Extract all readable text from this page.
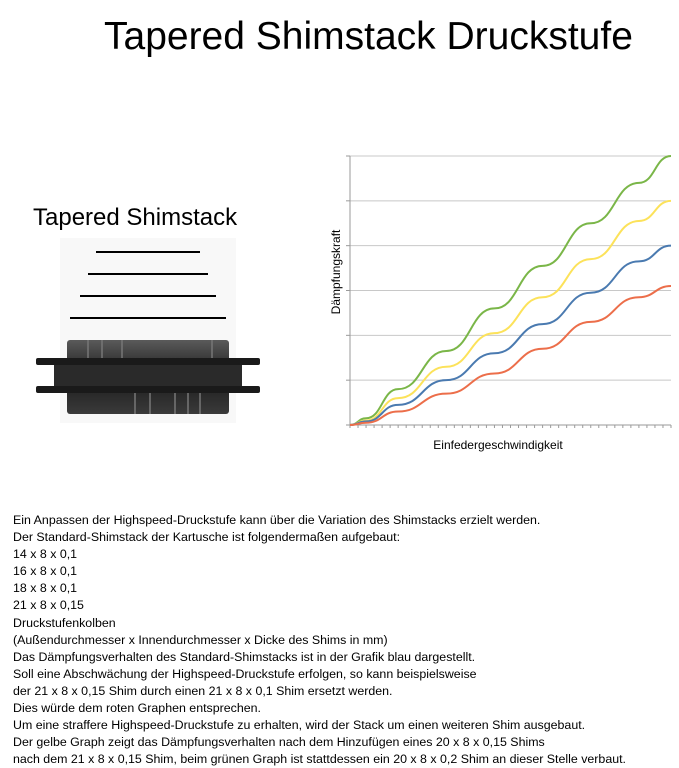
Tapered Shimstack Druckstufe
Tapered Shimstack
Dämpfungskraft
Einfedergeschwindigkeit
Ein Anpassen der Highspeed-Druckstufe kann über die Variation des Shimstacks erzielt werden.
Der Standard-Shimstack der Kartusche ist folgendermaßen aufgebaut:
14 x 8 x 0,1
16 x 8 x 0,1
18 x 8 x 0,1
21 x 8 x 0,15
Druckstufenkolben
(Außendurchmesser x Innendurchmesser x Dicke des Shims in mm)
Das Dämpfungsverhalten des Standard-Shimstacks ist in der Grafik blau dargestellt.
Soll eine Abschwächung der Highspeed-Druckstufe erfolgen, so kann beispielsweise
der 21 x 8 x 0,15 Shim durch einen 21 x 8 x 0,1 Shim ersetzt werden.
Dies würde dem roten Graphen entsprechen.
Um eine straffere Highspeed-Druckstufe zu erhalten, wird der Stack um einen weiteren Shim ausgebaut.
Der gelbe Graph zeigt das Dämpfungsverhalten nach dem Hinzufügen eines 20 x 8 x 0,15 Shims
nach dem 21 x 8 x 0,15 Shim, beim grünen Graph ist stattdessen ein 20 x 8 x 0,2 Shim an dieser Stelle verbaut.
